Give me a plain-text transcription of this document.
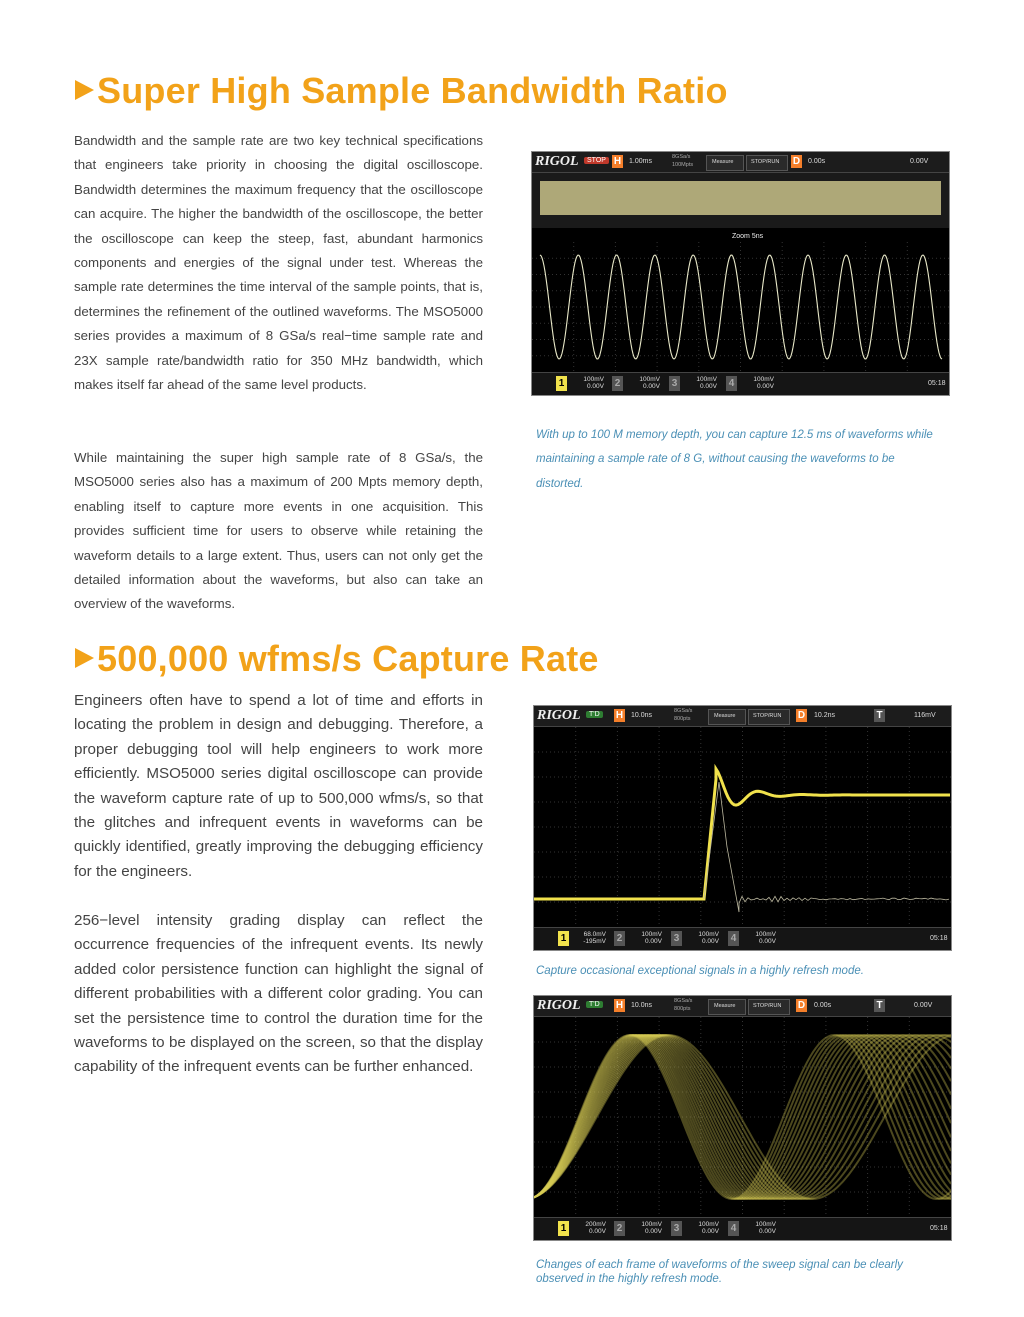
Super High Sample Bandwidth Ratio

Bandwidth and the sample rate are two key technical specifications that engineers take priority in choosing the digital oscilloscope. Bandwidth determines the maximum frequency that the oscilloscope can acquire. The higher the bandwidth of the oscilloscope, the better the oscilloscope can keep the steep, fast, abundant harmonics components and energies of the signal under test. Whereas the sample rate determines the time interval of the sample points, that is, determines the refinement of the outlined waveforms. The MSO5000 series provides a maximum of 8 GSa/s real−time sample rate and 23X sample rate/bandwidth ratio for 350 MHz bandwidth, which makes itself far ahead of the same level products.

While maintaining the super high sample rate of 8 GSa/s, the MSO5000 series also has a maximum of 200 Mpts memory depth, enabling itself to capture more events in one acquisition. This provides sufficient time for users to observe while retaining the waveform details to a large extent. Thus, users can not only get the detailed information about the waveforms, but also can take an overview of the waveforms.

RIGOL	STOP H 1.00ms
8GSa/s
100Mpts	Measure	STOP/RUN D 0.00s	0.00V
Zoom 5ns
1	100mV
0.00V 2	100mV
0.00V 3	100mV
0.00V 4	100mV
0.00V	05:18

With up to 100 M memory depth, you can capture 12.5 ms of waveforms while maintaining a sample rate of 8 G, without causing the waveforms to be distorted.

500,000 wfms/s Capture Rate

Engineers often have to spend a lot of time and efforts in locating the problem in design and debugging. Therefore, a proper debugging tool will help engineers to work more efficiently. MSO5000 series digital oscilloscope can provide the waveform capture rate of up to 500,000 wfms/s, so that the glitches and infrequent events in waveforms can be quickly identified, greatly improving the debugging efficiency for the engineers.

256−level intensity grading display can reflect the occurrence frequencies of the infrequent events. Its newly added color persistence function can highlight the signal of different probabilities with a different color grading. You can set the persistence time to control the duration time for the waveforms to be displayed on the screen, so that the display capability of the infrequent events can be further enhanced.

RIGOL	T'D	H 10.0ns
8GSa/s
800pts	Measure	STOP/RUN D 10.2ns	T	116mV
1	68.0mV
-195mV 2	100mV
0.00V 3	100mV
0.00V 4	100mV
0.00V	05:18

Capture occasional exceptional signals in a highly refresh mode.

RIGOL	T'D	H 10.0ns
8GSa/s
800pts	Measure	STOP/RUN D 0.00s	T	0.00V
1	200mV
0.00V 2	100mV
0.00V 3	100mV
0.00V 4	100mV
0.00V	05:18

Changes of each frame of waveforms of the sweep signal can be clearly observed in the highly refresh mode.
